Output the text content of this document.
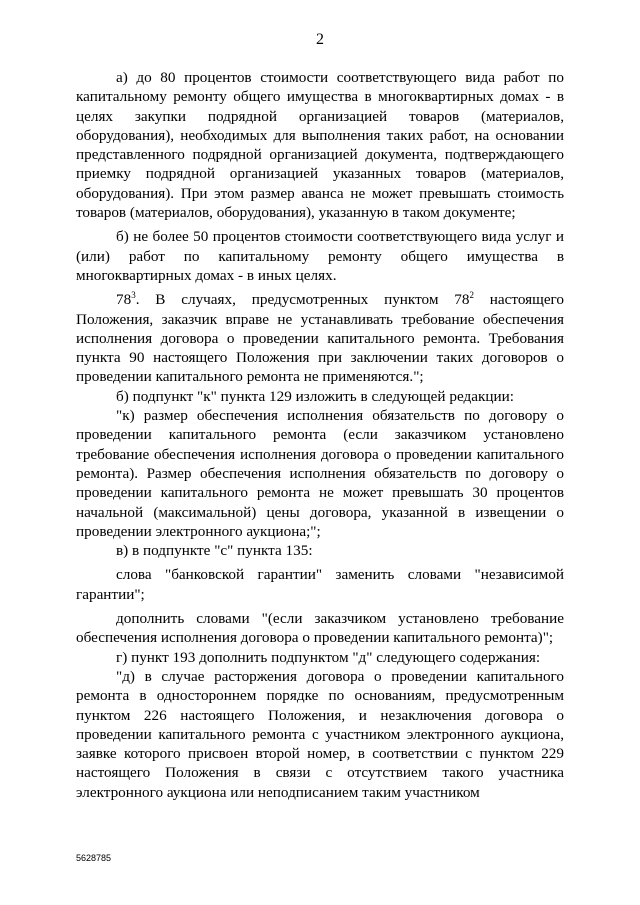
2

а) до 80 процентов стоимости соответствующего вида работ по капитальному ремонту общего имущества в многоквартирных домах - в целях закупки подрядной организацией товаров (материалов, оборудования), необходимых для выполнения таких работ, на основании представленного подрядной организацией документа, подтверждающего приемку подрядной организацией указанных товаров (материалов, оборудования). При этом размер аванса не может превышать стоимость товаров (материалов, оборудования), указанную в таком документе;

б) не более 50 процентов стоимости соответствующего вида услуг и (или) работ по капитальному ремонту общего имущества в многоквартирных домах - в иных целях.

$78^3$. В случаях, предусмотренных пунктом $78^2$ настоящего Положения, заказчик вправе не устанавливать требование обеспечения исполнения договора о проведении капитального ремонта. Требования пункта 90 настоящего Положения при заключении таких договоров о проведении капитального ремонта не применяются.";

б) подпункт "к" пункта 129 изложить в следующей редакции:

"к) размер обеспечения исполнения обязательств по договору о проведении капитального ремонта (если заказчиком установлено требование обеспечения исполнения договора о проведении капитального ремонта). Размер обеспечения исполнения обязательств по договору о проведении капитального ремонта не может превышать 30 процентов начальной (максимальной) цены договора, указанной в извещении о проведении электронного аукциона;";

в) в подпункте "с" пункта 135:

слова "банковской гарантии" заменить словами "независимой гарантии";

дополнить словами "(если заказчиком установлено требование обеспечения исполнения договора о проведении капитального ремонта)";

г) пункт 193 дополнить подпунктом "д" следующего содержания:

"д) в случае расторжения договора о проведении капитального ремонта в одностороннем порядке по основаниям, предусмотренным пунктом 226 настоящего Положения, и незаключения договора о проведении капитального ремонта с участником электронного аукциона, заявке которого присвоен второй номер, в соответствии с пунктом 229 настоящего Положения в связи с отсутствием такого участника электронного аукциона или неподписанием таким участником

5628785
